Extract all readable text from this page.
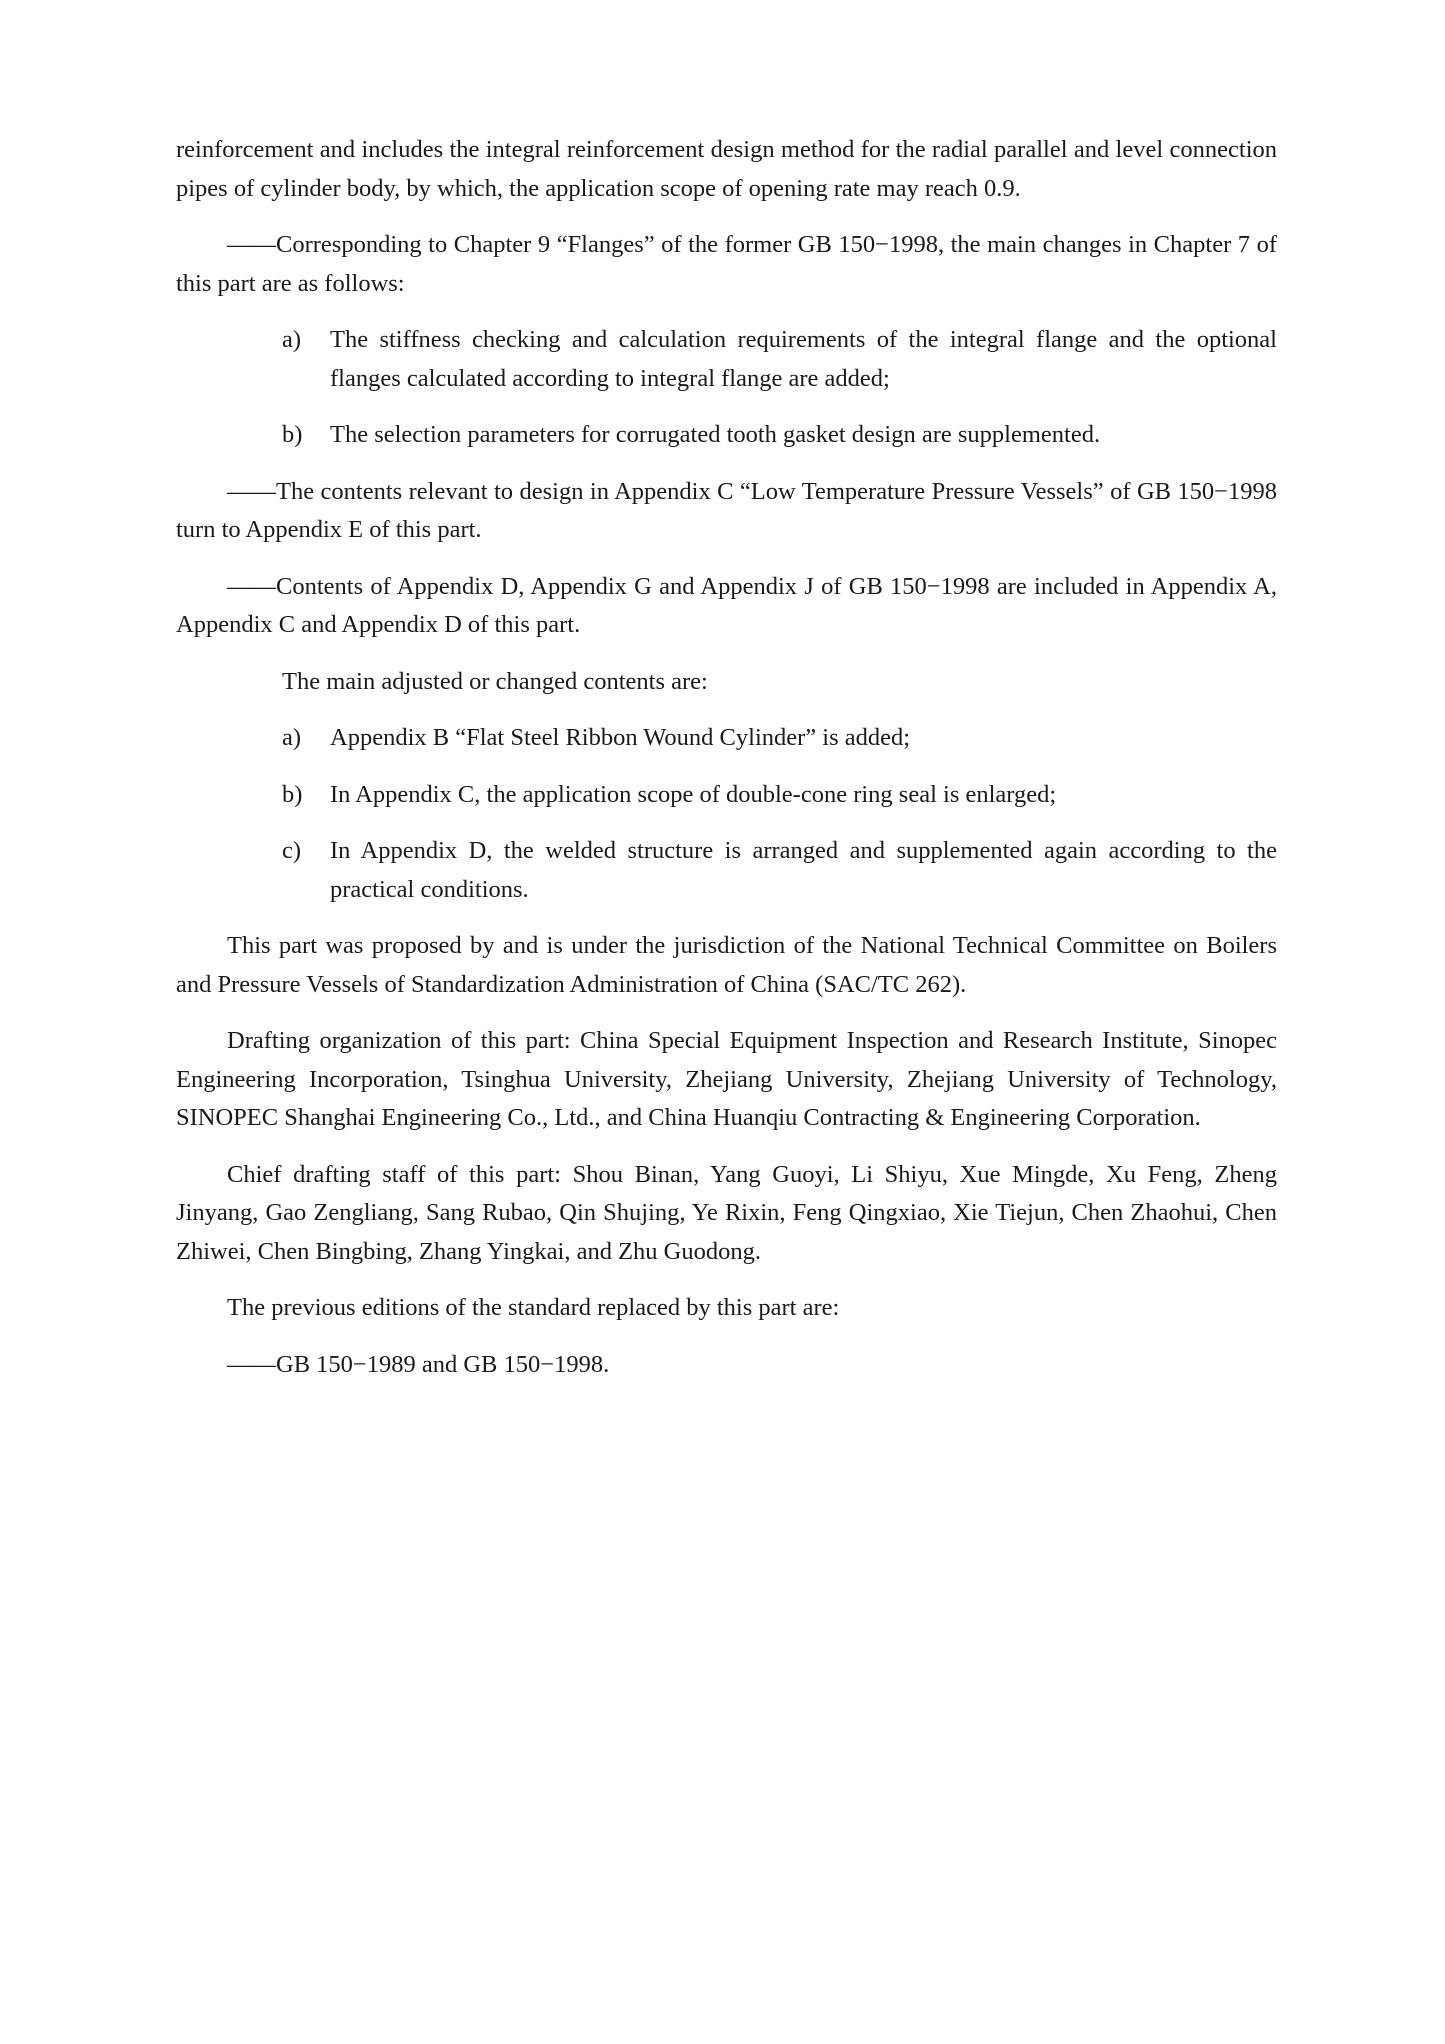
reinforcement and includes the integral reinforcement design method for the radial parallel and level connection pipes of cylinder body, by which, the application scope of opening rate may reach 0.9.

——Corresponding to Chapter 9 “Flanges” of the former GB 150−1998, the main changes in Chapter 7 of this part are as follows:

a)	The stiffness checking and calculation requirements of the integral flange and the optional flanges calculated according to integral flange are added;
b)	The selection parameters for corrugated tooth gasket design are supplemented.

——The contents relevant to design in Appendix C “Low Temperature Pressure Vessels” of GB 150−1998 turn to Appendix E of this part.

——Contents of Appendix D, Appendix G and Appendix J of GB 150−1998 are included in Appendix A, Appendix C and Appendix D of this part.

The main adjusted or changed contents are:

a)	Appendix B “Flat Steel Ribbon Wound Cylinder” is added;
b)	In Appendix C, the application scope of double-cone ring seal is enlarged;
c)	In Appendix D, the welded structure is arranged and supplemented again according to the practical conditions.

This part was proposed by and is under the jurisdiction of the National Technical Committee on Boilers and Pressure Vessels of Standardization Administration of China (SAC/TC 262).

Drafting organization of this part: China Special Equipment Inspection and Research Institute, Sinopec Engineering Incorporation, Tsinghua University, Zhejiang University, Zhejiang University of Technology, SINOPEC Shanghai Engineering Co., Ltd., and China Huanqiu Contracting & Engineering Corporation.

Chief drafting staff of this part: Shou Binan, Yang Guoyi, Li Shiyu, Xue Mingde, Xu Feng, Zheng Jinyang, Gao Zengliang, Sang Rubao, Qin Shujing, Ye Rixin, Feng Qingxiao, Xie Tiejun, Chen Zhaohui, Chen Zhiwei, Chen Bingbing, Zhang Yingkai, and Zhu Guodong.

The previous editions of the standard replaced by this part are:

——GB 150−1989 and GB 150−1998.
